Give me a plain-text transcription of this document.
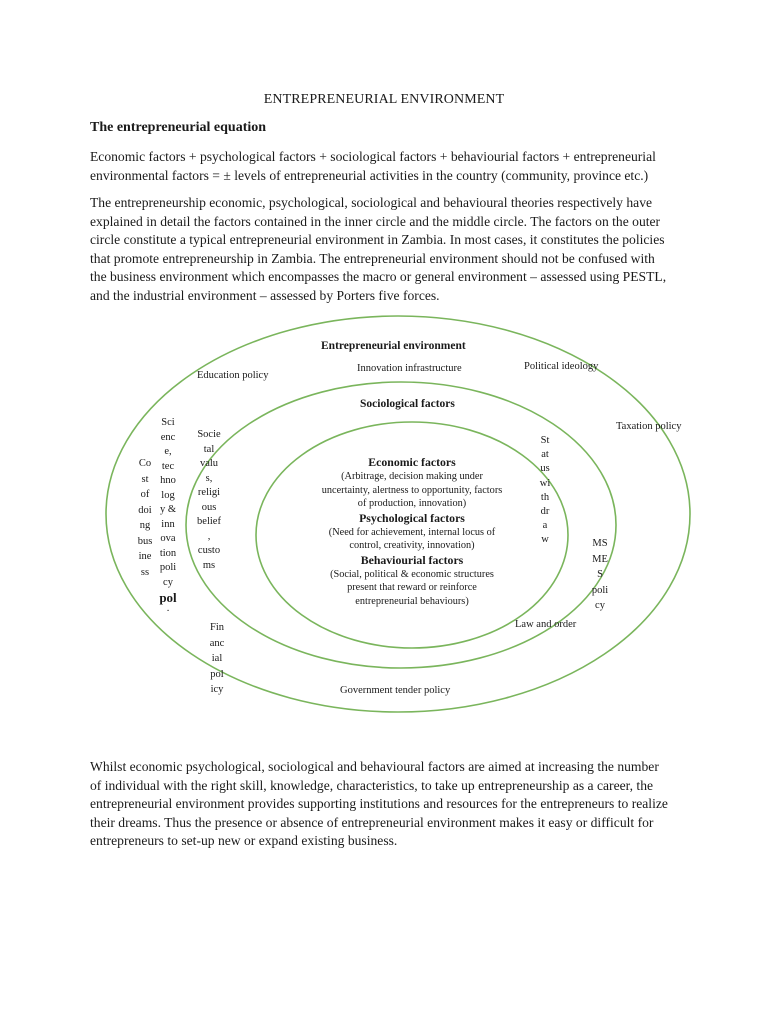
ENTREPRENEURIAL ENVIRONMENT
The entrepreneurial equation
Economic factors + psychological factors + sociological factors + behaviourial factors + entrepreneurial
environmental factors = ± levels of entrepreneurial activities in the country (community, province etc.)
The entrepreneurship economic, psychological, sociological and behavioural theories respectively have
explained in detail the factors contained in the inner circle and the middle circle. The factors on the outer
circle constitute a typical entrepreneurial environment in Zambia. In most cases, it constitutes the policies
that promote entrepreneurship in Zambia. The entrepreneurial environment should not be confused with
the business environment which encompasses the macro or general environment – assessed using PESTL,
and the industrial environment – assessed by Porters five forces.
Entrepreneurial environment
Innovation infrastructure
Education policy
Political ideology
Taxation policy
Government tender policy
Co
st
of
doi
ng
bus
ine
ss
Sci
enc
e,
tec
hno
log
y &
inn
ova
tion
poli
cy
pol
.
Fin
anc
ial
pol
icy
MS
ME
S
poli
cy
Sociological factors
Socie
tal
valu
s,
religi
ous
belief
,
custo
ms
St
at
us
wi
th
dr
a
w
Law and order
Economic factors
(Arbitrage, decision making under
uncertainty, alertness to opportunity, factors
of production, innovation)
Psychological factors
(Need for achievement, internal locus of
control, creativity, innovation)
Behaviourial factors
(Social, political & economic structures
present that reward or reinforce
entrepreneurial behaviours)
Whilst economic psychological, sociological and behavioural factors are aimed at increasing the number
of individual with the right skill, knowledge, characteristics, to take up entrepreneurship as a career, the
entrepreneurial environment provides supporting institutions and resources for the entrepreneurs to realize
their dreams. Thus the presence or absence of entrepreneurial environment makes it easy or difficult for
entrepreneurs to set-up new or expand existing business.
